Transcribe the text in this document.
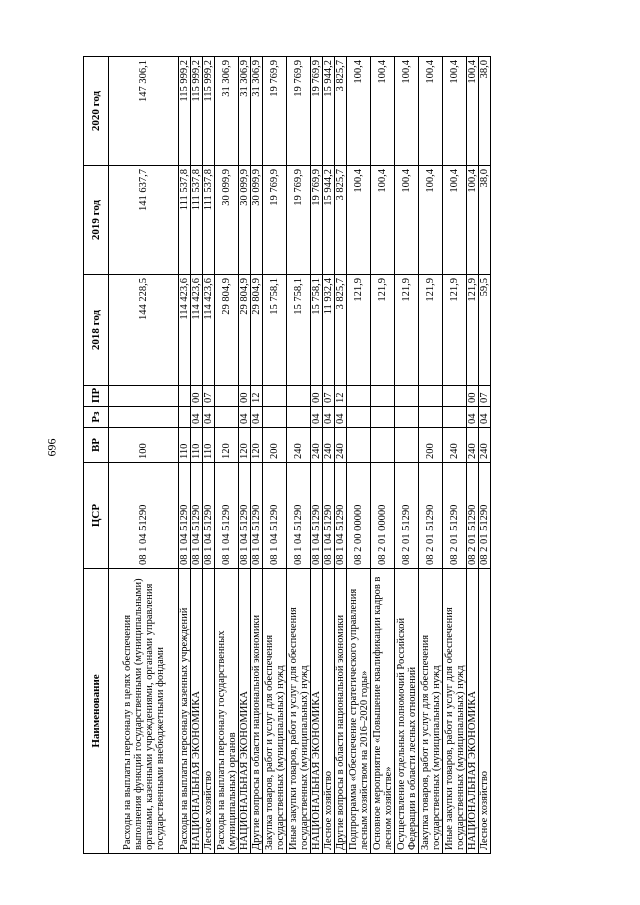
696
Наименование	ЦСР	ВР	Рз	ПР	2018 год	2019 год	2020 год
Расходы на выплаты персоналу в целях обеспечения выполнения функций государственными (муниципальными) органами, казенными учреждениями, органами управления государственными внебюджетными фондами	08 1 04 51290	100			144 228,5	141 637,7	147 306,1
Расходы на выплаты персоналу казенных учреждений	08 1 04 51290	110			114 423,6	111 537,8	115 999,2
НАЦИОНАЛЬНАЯ ЭКОНОМИКА	08 1 04 51290	110	04	00	114 423,6	111 537,8	115 999,2
Лесное хозяйство	08 1 04 51290	110	04	07	114 423,6	111 537,8	115 999,2
Расходы на выплаты персоналу государственных (муниципальных) органов	08 1 04 51290	120			29 804,9	30 099,9	31 306,9
НАЦИОНАЛЬНАЯ ЭКОНОМИКА	08 1 04 51290	120	04	00	29 804,9	30 099,9	31 306,9
Другие вопросы в области национальной экономики	08 1 04 51290	120	04	12	29 804,9	30 099,9	31 306,9
Закупка товаров, работ и услуг для обеспечения государственных (муниципальных) нужд	08 1 04 51290	200			15 758,1	19 769,9	19 769,9
Иные закупки товаров, работ и услуг для обеспечения государственных (муниципальных) нужд	08 1 04 51290	240			15 758,1	19 769,9	19 769,9
НАЦИОНАЛЬНАЯ ЭКОНОМИКА	08 1 04 51290	240	04	00	15 758,1	19 769,9	19 769,9
Лесное хозяйство	08 1 04 51290	240	04	07	11 932,4	15 944,2	15 944,2
Другие вопросы в области национальной экономики	08 1 04 51290	240	04	12	3 825,7	3 825,7	3 825,7
Подпрограмма «Обеспечение стратегического управления лесным хозяйством на 2016–2020 годы»	08 2 00 00000				121,9	100,4	100,4
Основное мероприятие «Повышение квалификации кадров в лесном хозяйстве»	08 2 01 00000				121,9	100,4	100,4
Осуществление отдельных полномочий Российской Федерации в области лесных отношений	08 2 01 51290				121,9	100,4	100,4
Закупка товаров, работ и услуг для обеспечения государственных (муниципальных) нужд	08 2 01 51290	200			121,9	100,4	100,4
Иные закупки товаров, работ и услуг для обеспечения государственных (муниципальных) нужд	08 2 01 51290	240			121,9	100,4	100,4
НАЦИОНАЛЬНАЯ ЭКОНОМИКА	08 2 01 51290	240	04	00	121,9	100,4	100,4
Лесное хозяйство	08 2 01 51290	240	04	07	59,5	38,0	38,0
